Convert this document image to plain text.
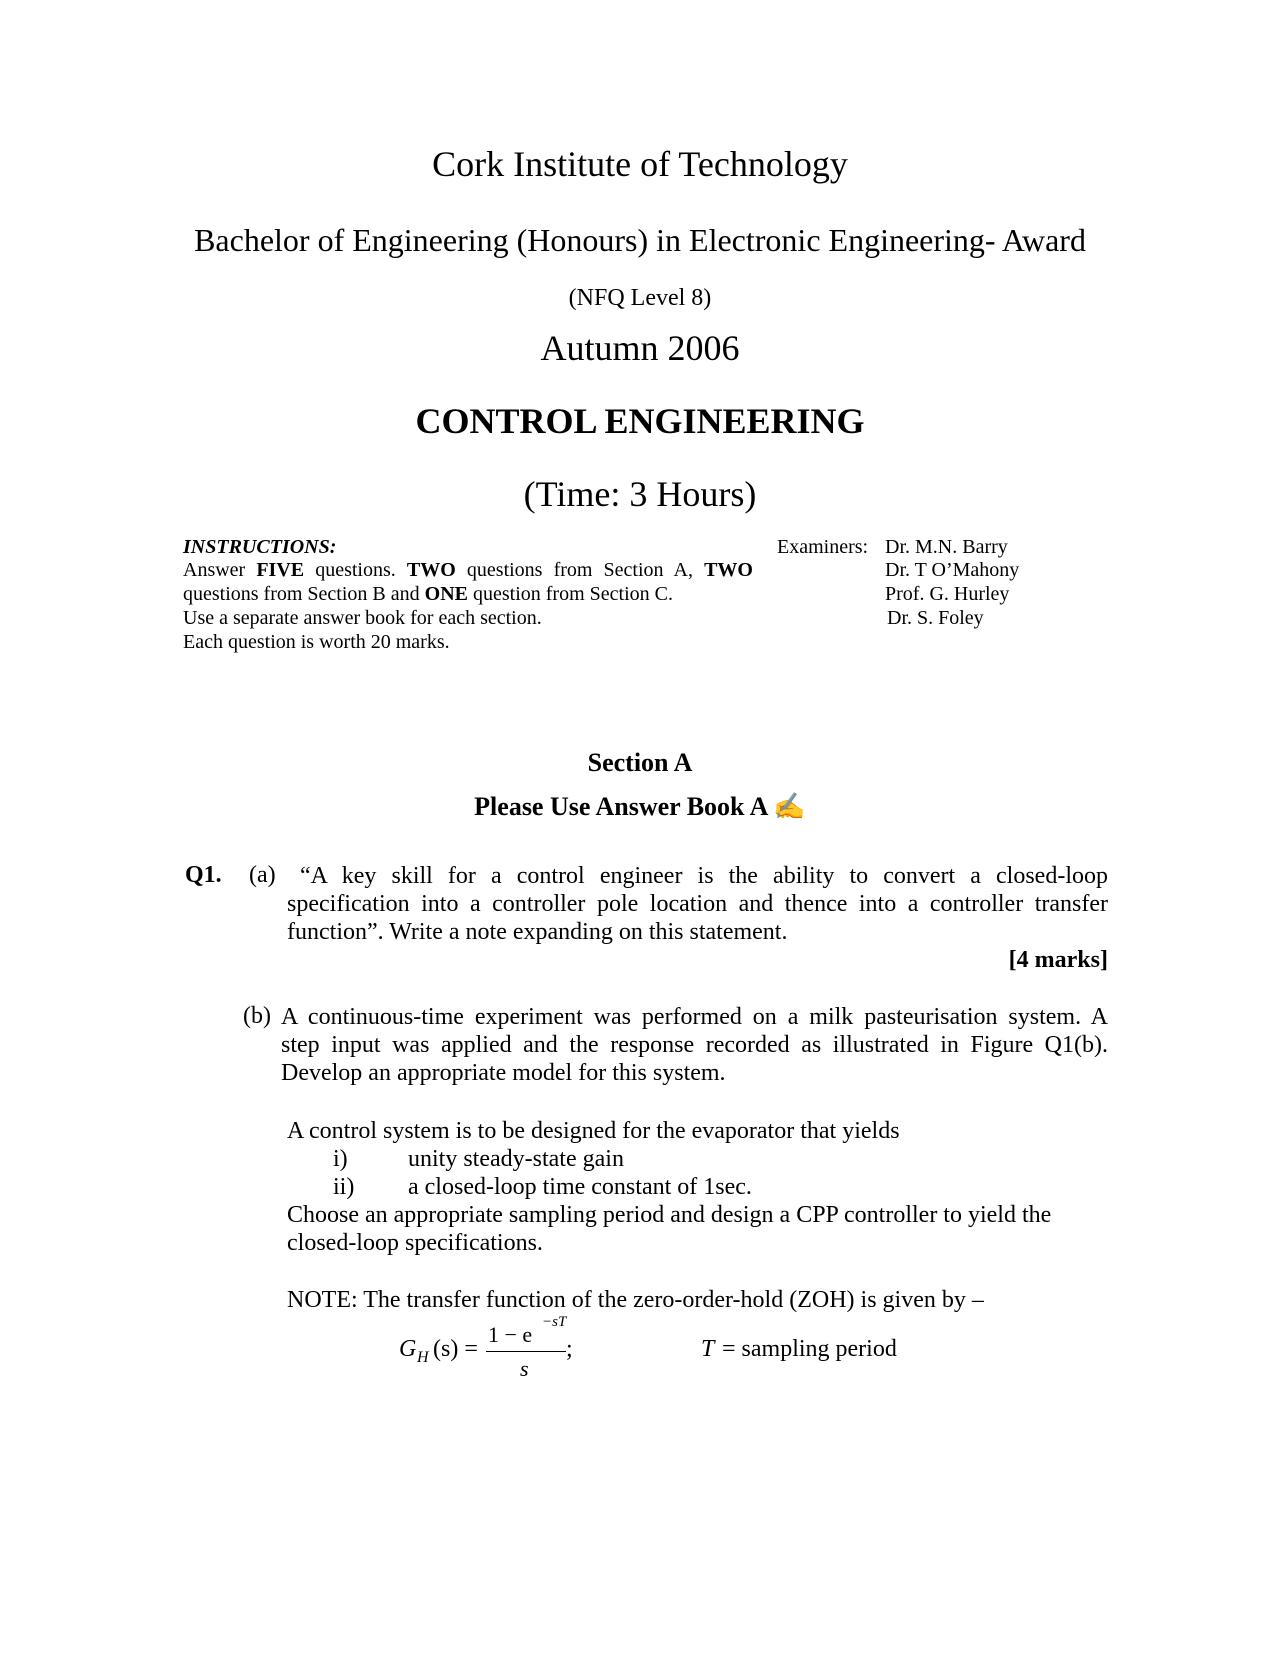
Cork Institute of Technology
Bachelor of Engineering (Honours) in Electronic Engineering- Award
(NFQ Level 8)
Autumn 2006
CONTROL ENGINEERING
(Time: 3 Hours)
INSTRUCTIONS:
Answer FIVE questions. TWO questions from Section A, TWO
questions from Section B and ONE question from Section C.
Use a separate answer book for each section.
Each question is worth 20 marks.
Examiners: Dr. M.N. Barry
Dr. T O’Mahony
Prof. G. Hurley
Dr. S. Foley
Section A
Please Use Answer Book A ✍
Q1. (a) “A key skill for a control engineer is the ability to convert a closed-loop
specification into a controller pole location and thence into a controller transfer
function”. Write a note expanding on this statement.
[4 marks]
(b) A continuous-time experiment was performed on a milk pasteurisation system. A
step input was applied and the response recorded as illustrated in Figure Q1(b).
Develop an appropriate model for this system.
A control system is to be designed for the evaporator that yields
i)	unity steady-state gain
ii) a closed-loop time constant of 1sec.
Choose an appropriate sampling period and design a CPP controller to yield the
closed-loop specifications.
NOTE: The transfer function of the zero-order-hold (ZOH) is given by –
G H (s) =
1 − e −sT
s
;	T = sampling period
